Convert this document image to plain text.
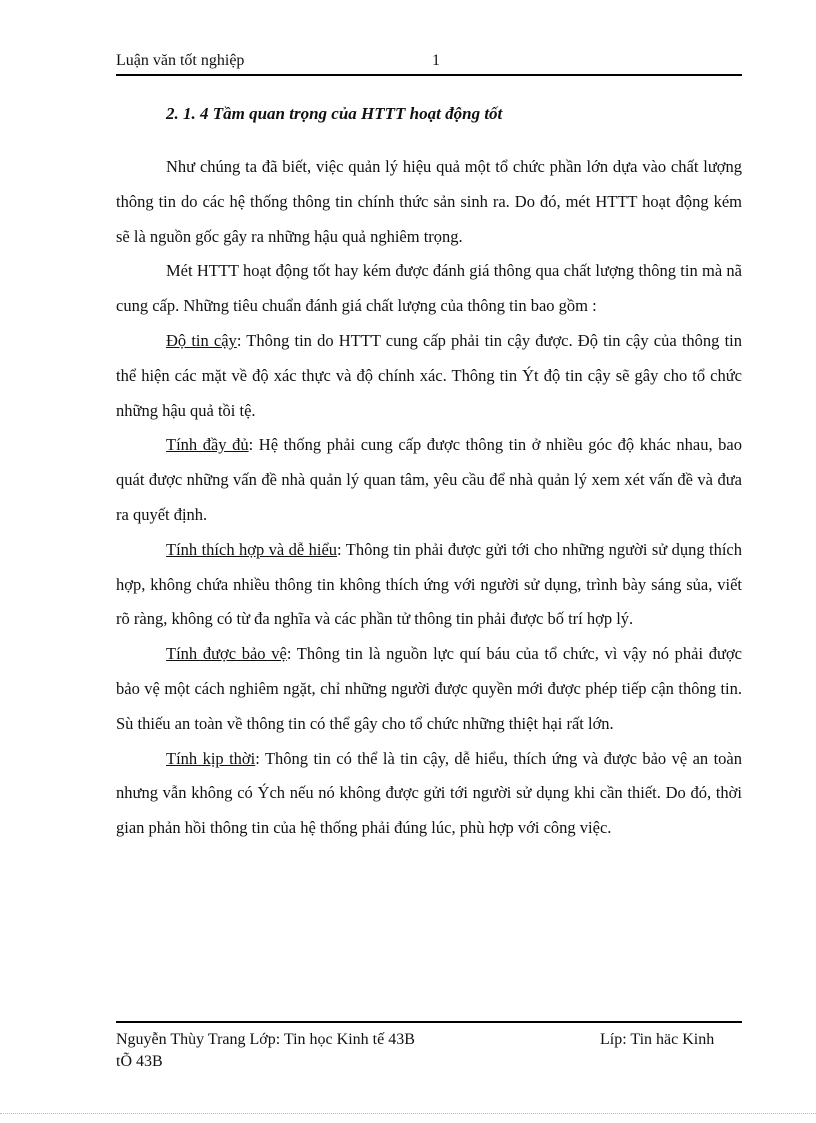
Luận văn tốt nghiệp	1
2. 1. 4 Tầm quan trọng của HTTT hoạt động tốt

Như chúng ta đã biết, việc quản lý hiệu quả một tổ chức phần lớn dựa vào chất lượng thông tin do các hệ thống thông tin chính thức sản sinh ra. Do đó, mét HTTT hoạt động kém sẽ là nguồn gốc gây ra những hậu quả nghiêm trọng.

Mét HTTT hoạt động tốt hay kém được đánh giá thông qua chất lượng thông tin mà nã cung cấp. Những tiêu chuẩn đánh giá chất lượng của thông tin bao gồm :

Độ tin cậy: Thông tin do HTTT cung cấp phải tin cậy được. Độ tin cậy của thông tin thể hiện các mặt về độ xác thực và độ chính xác. Thông tin Ýt độ tin cậy sẽ gây cho tổ chức những hậu quả tồi tệ.

Tính đầy đủ: Hệ thống phải cung cấp được thông tin ở nhiều góc độ khác nhau, bao quát được những vấn đề nhà quản lý quan tâm, yêu cầu để nhà quản lý xem xét vấn đề và đưa ra quyết định.

Tính thích hợp và dễ hiểu: Thông tin phải được gửi tới cho những người sử dụng thích hợp, không chứa nhiều thông tin không thích ứng với người sử dụng, trình bày sáng sủa, viết rõ ràng, không có từ đa nghĩa và các phần tử thông tin phải được bố trí hợp lý.

Tính được bảo vệ: Thông tin là nguồn lực quí báu của tổ chức, vì vậy nó phải được bảo vệ một cách nghiêm ngặt, chỉ những người được quyền mới được phép tiếp cận thông tin. Sù thiếu an toàn về thông tin có thể gây cho tổ chức những thiệt hại rất lớn.

Tính kịp thời: Thông tin có thể là tin cậy, dễ hiểu, thích ứng và được bảo vệ an toàn nhưng vẫn không có Ých nếu nó không được gửi tới người sử dụng khi cần thiết. Do đó, thời gian phản hồi thông tin của hệ thống phải đúng lúc, phù hợp với công việc.

Nguyễn Thùy Trang Lớp: Tin học Kinh tế 43B	Líp: Tin häc Kinh
tÕ 43B
